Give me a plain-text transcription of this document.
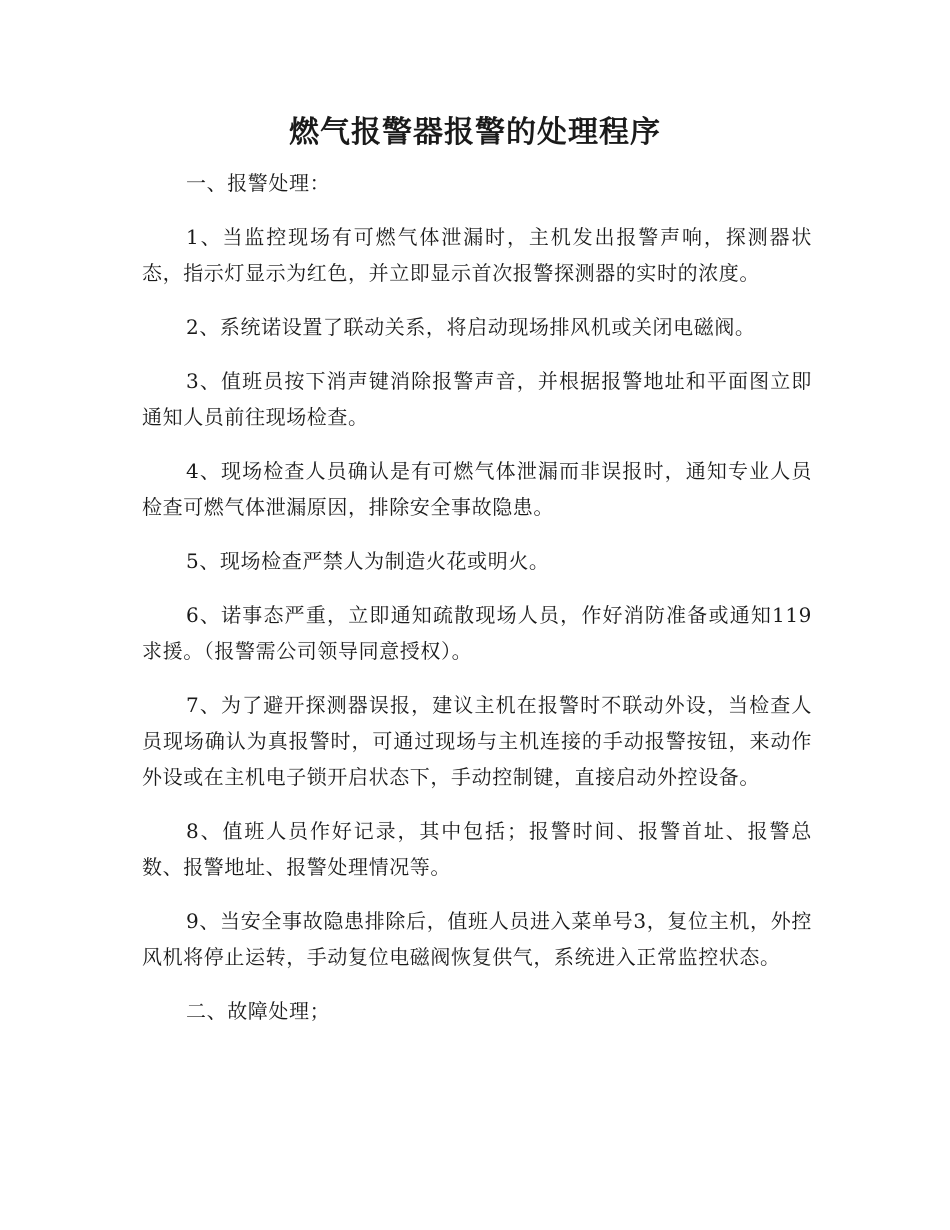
燃气报警器报警的处理程序

一、报警处理：

1、当监控现场有可燃气体泄漏时，主机发出报警声响，探测器状态，指示灯显示为红色，并立即显示首次报警探测器的实时的浓度。

2、系统诺设置了联动关系，将启动现场排风机或关闭电磁阀。

3、值班员按下消声键消除报警声音，并根据报警地址和平面图立即通知人员前往现场检查。

4、现场检查人员确认是有可燃气体泄漏而非误报时，通知专业人员检查可燃气体泄漏原因，排除安全事故隐患。

5、现场检查严禁人为制造火花或明火。

6、诺事态严重，立即通知疏散现场人员，作好消防准备或通知119求援。（报警需公司领导同意授权）。

7、为了避开探测器误报，建议主机在报警时不联动外设，当检查人员现场确认为真报警时，可通过现场与主机连接的手动报警按钮，来动作外设或在主机电子锁开启状态下，手动控制键，直接启动外控设备。

8、值班人员作好记录，其中包括；报警时间、报警首址、报警总数、报警地址、报警处理情况等。

9、当安全事故隐患排除后，值班人员进入菜单号3，复位主机，外控风机将停止运转，手动复位电磁阀恢复供气，系统进入正常监控状态。

二、故障处理；
